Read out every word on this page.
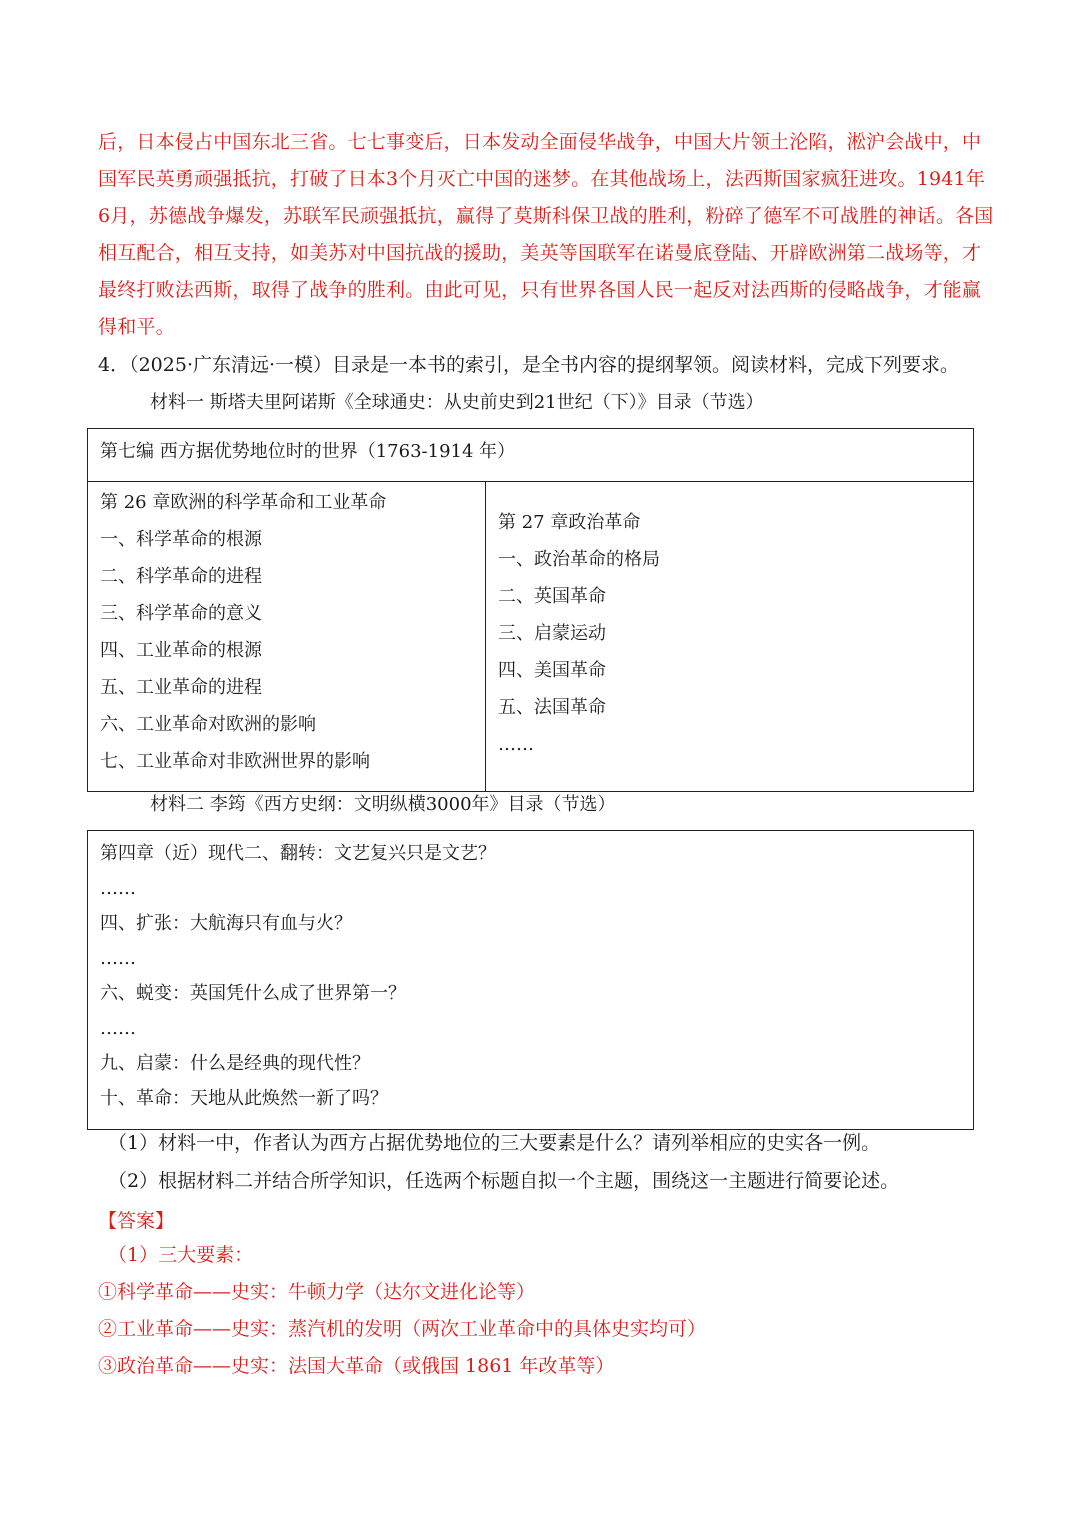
后，日本侵占中国东北三省。七七事变后，日本发动全面侵华战争，中国大片领土沦陷，淞沪会战中，中
国军民英勇顽强抵抗，打破了日本3个月灭亡中国的迷梦。在其他战场上，法西斯国家疯狂进攻。1941年
6月，苏德战争爆发，苏联军民顽强抵抗，赢得了莫斯科保卫战的胜利，粉碎了德军不可战胜的神话。各国
相互配合，相互支持，如美苏对中国抗战的援助，美英等国联军在诺曼底登陆、开辟欧洲第二战场等，才
最终打败法西斯，取得了战争的胜利。由此可见，只有世界各国人民一起反对法西斯的侵略战争，才能赢
得和平。
4．（2025·广东清远·一模）目录是一本书的索引，是全书内容的提纲挈领。阅读材料，完成下列要求。
材料一 斯塔夫里阿诺斯《全球通史：从史前史到21世纪（下）》目录（节选）
第七编 西方据优势地位时的世界（1763-1914 年）
第 26 章欧洲的科学革命和工业革命
一、科学革命的根源
二、科学革命的进程
三、科学革命的意义
四、工业革命的根源
五、工业革命的进程
六、工业革命对欧洲的影响
七、工业革命对非欧洲世界的影响
第 27 章政治革命
一、政治革命的格局
二、英国革命
三、启蒙运动
四、美国革命
五、法国革命
……
材料二 李筠《西方史纲：文明纵横3000年》目录（节选）
第四章（近）现代二、翻转：文艺复兴只是文艺？
……
四、扩张：大航海只有血与火？
……
六、蜕变：英国凭什么成了世界第一？
……
九、启蒙：什么是经典的现代性？
十、革命：天地从此焕然一新了吗？
（1）材料一中，作者认为西方占据优势地位的三大要素是什么？请列举相应的史实各一例。
（2）根据材料二并结合所学知识，任选两个标题自拟一个主题，围绕这一主题进行简要论述。
【答案】
（1）三大要素：
①科学革命——史实：牛顿力学（达尔文进化论等）
②工业革命——史实：蒸汽机的发明（两次工业革命中的具体史实均可）
③政治革命——史实：法国大革命（或俄国 1861 年改革等）
